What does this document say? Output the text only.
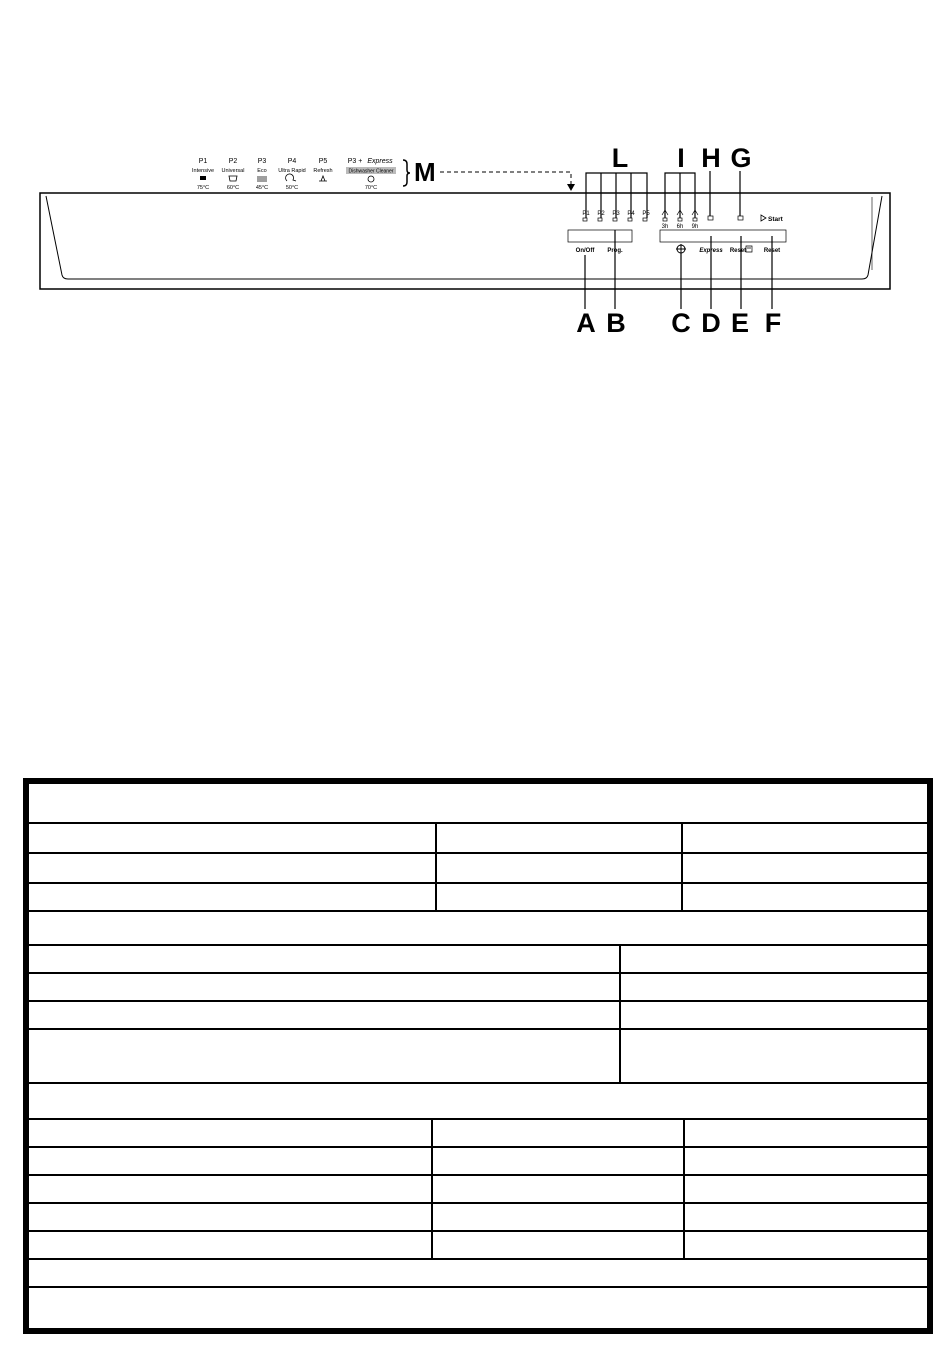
P1
Intensive
75°C
P2
Universal
60°C
P3
Eco
45°C
P4
Ultra Rapid
50°C
P5
Refresh
P3 + Express
Dishwasher Cleaner
70°C
M
P1 P2 P3 P4 P5
3h 6h 9h
Start
On/Off Prog.	Express Reset	Reset
L I H G
A B C D E F
